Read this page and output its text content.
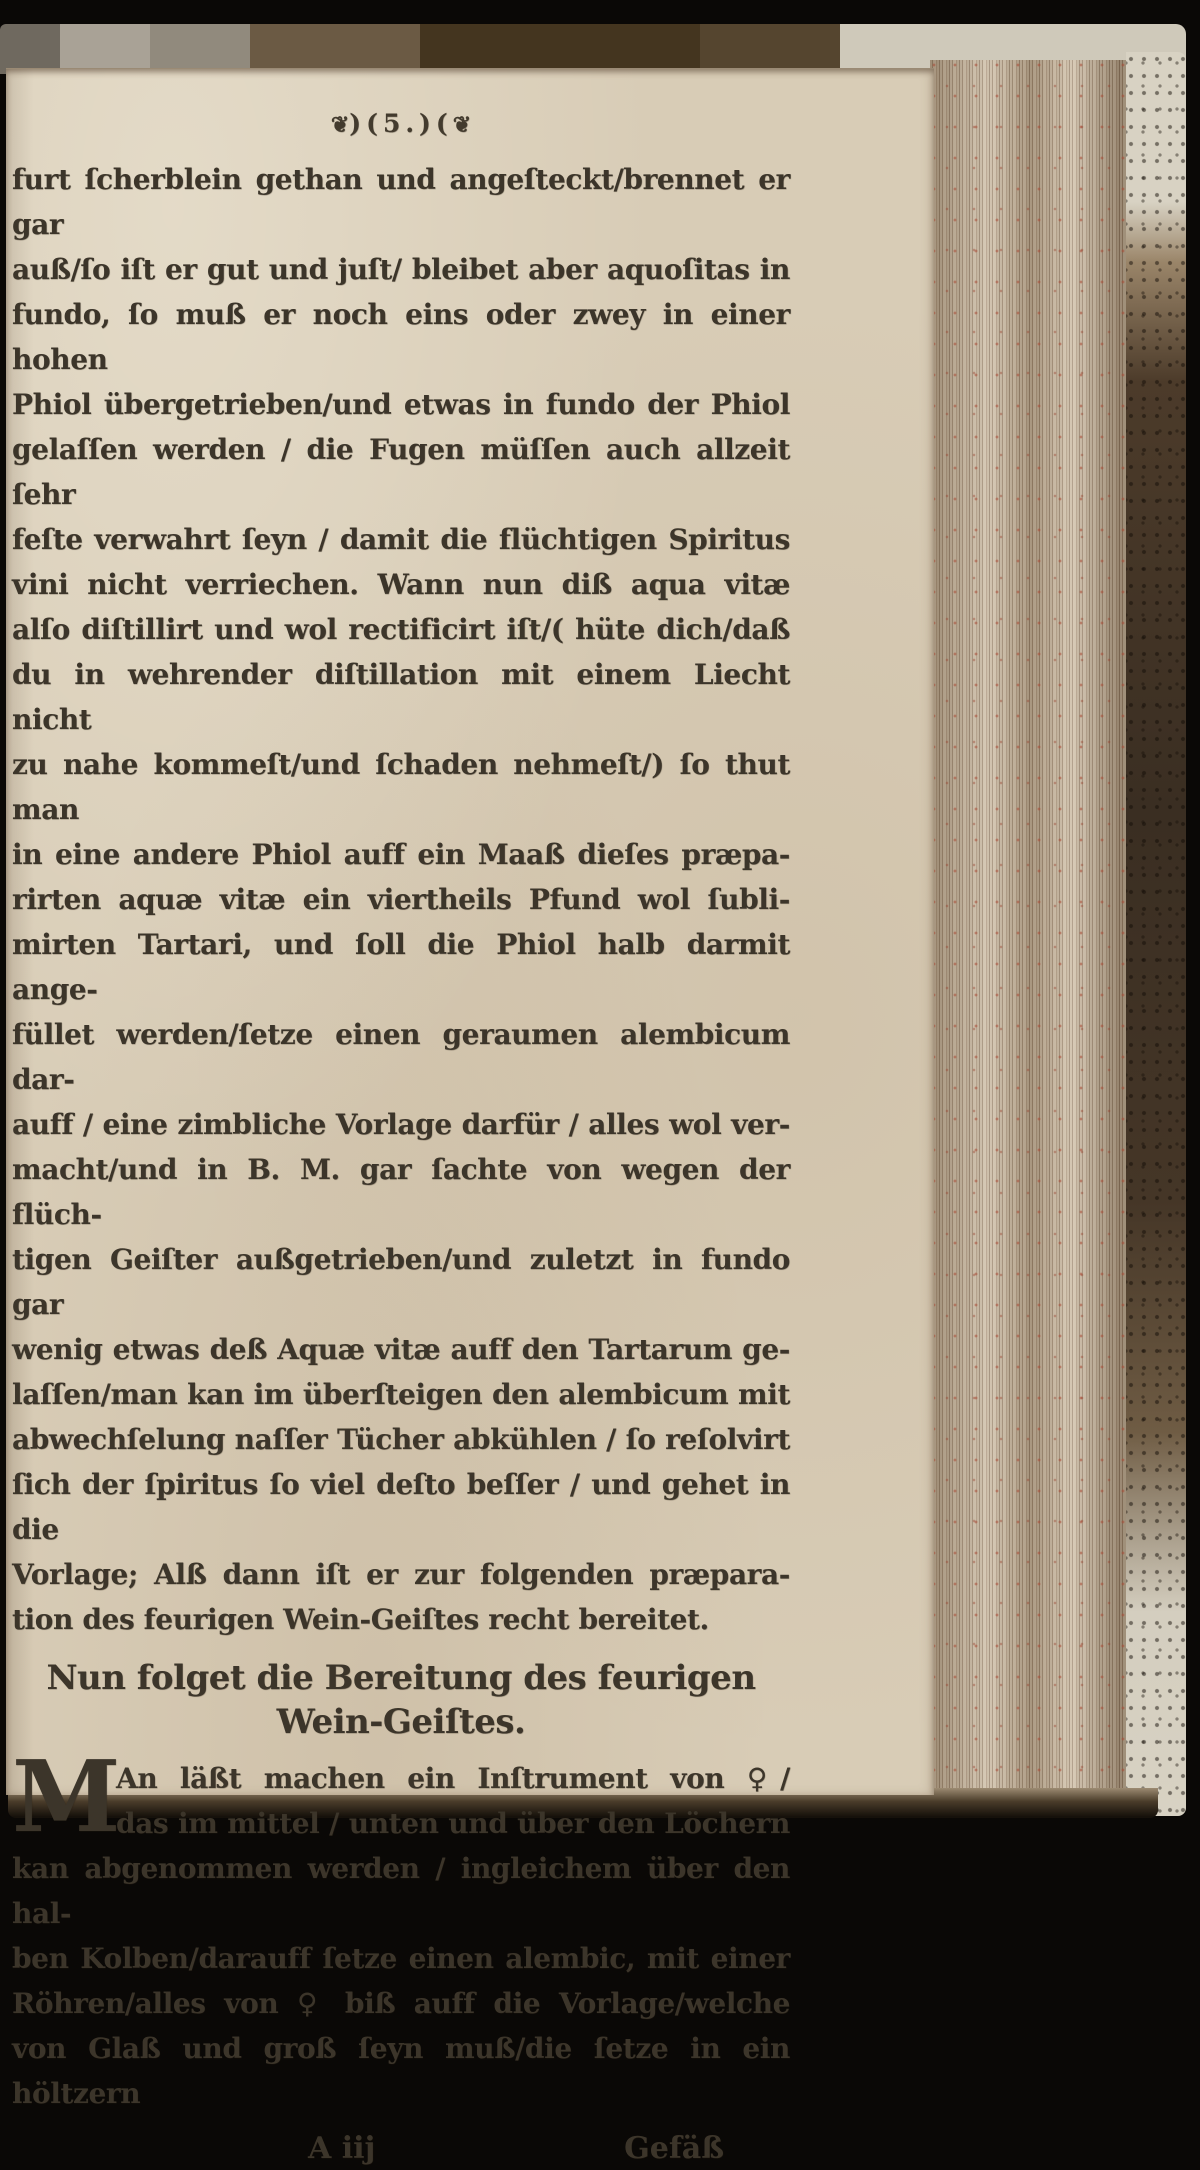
❦)(5.)(❦
furt ſcherblein gethan und angeſteckt/brennet er gar
auß/ſo iſt er gut und juſt/ bleibet aber aquoſitas in
fundo, ſo muß er noch eins oder zwey in einer hohen
Phiol übergetrieben/und etwas in fundo der Phiol
gelaſſen werden / die Fugen müſſen auch allzeit ſehr
feſte verwahrt ſeyn / damit die flüchtigen Spiritus
vini nicht verriechen. Wann nun diß aqua vitæ
alſo diſtillirt und wol rectificirt iſt/( hüte dich/daß
du in wehrender diſtillation mit einem Liecht nicht
zu nahe kommeſt/und ſchaden nehmeſt/) ſo thut man
in eine andere Phiol auff ein Maaß dieſes præpa-
rirten aquæ vitæ ein viertheils Pfund wol ſubli-
mirten Tartari, und ſoll die Phiol halb darmit ange-
füllet werden/ſetze einen geraumen alembicum dar-
auff / eine zimbliche Vorlage darfür / alles wol ver-
macht/und in B. M. gar ſachte von wegen der flüch-
tigen Geiſter außgetrieben/und zuletzt in fundo gar
wenig etwas deß Aquæ vitæ auff den Tartarum ge-
laſſen/man kan im überſteigen den alembicum mit
abwechſelung naſſer Tücher abkühlen / ſo reſolvirt
ſich der ſpiritus ſo viel deſto beſſer / und gehet in die
Vorlage; Alß dann iſt er zur folgenden præpara-
tion des feurigen Wein-Geiſtes recht bereitet.
Nun folget die Bereitung des feurigen
Wein-Geiſtes.
M
An läßt machen ein Inſtrument von ♀/
das im mittel / unten und über den Löchern
kan abgenommen werden / ingleichem über den hal-
ben Kolben/darauff ſetze einen alembic, mit einer
Röhren/alles von ♀ biß auff die Vorlage/welche
von Glaß und groß ſeyn muß/die ſetze in ein höltzern
A iij	Gefäß
